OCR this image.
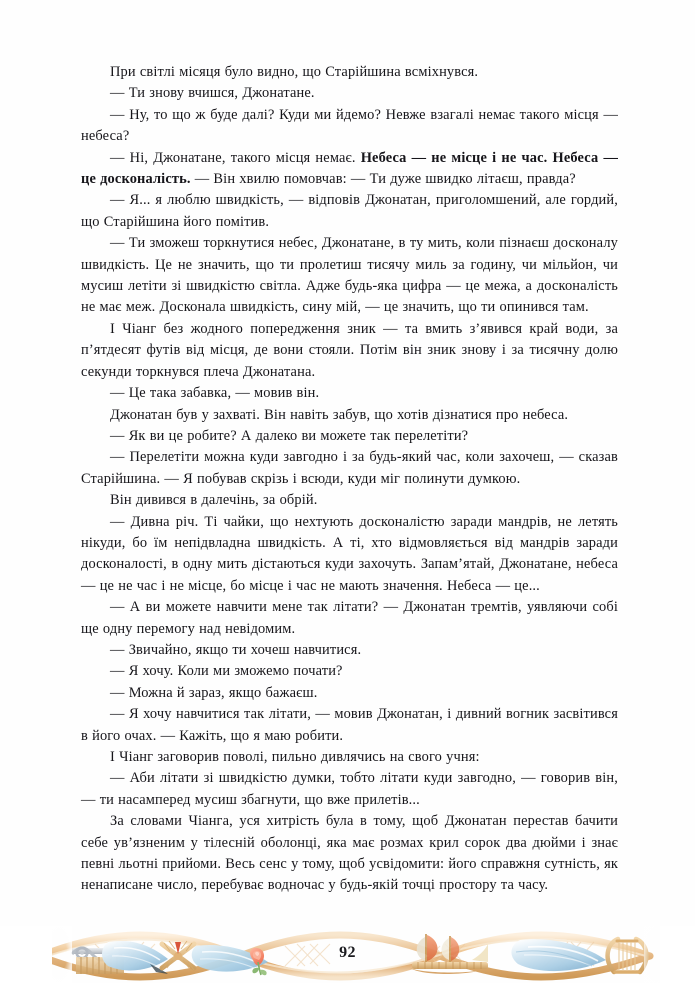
При світлі місяця було видно, що Старійшина всміхнувся.

— Ти знову вчишся, Джонатане.

— Ну, то що ж буде далі? Куди ми йдемо? Невже взагалі немає такого місця — небеса?

— Ні, Джонатане, такого місця немає. Небеса — не місце і не час. Небеса — це досконалість. — Він хвилю помовчав: — Ти дуже швидко літаєш, правда?

— Я... я люблю швидкість, — відповів Джонатан, приголомшений, але гордий, що Старійшина його помітив.

— Ти зможеш торкнутися небес, Джонатане, в ту мить, коли пізнаєш досконалу швидкість. Це не значить, що ти пролетиш тисячу миль за годину, чи мільйон, чи мусиш летіти зі швидкістю світла. Адже будь-яка цифра — це межа, а досконалість не має меж. Досконала швидкість, сину мій, — це значить, що ти опинився там.

І Чіанг без жодного попередження зник — та вмить з’явився край води, за п’ятдесят футів від місця, де вони стояли. Потім він зник знову і за тисячну долю секунди торкнувся плеча Джонатана.

— Це така забавка, — мовив він.

Джонатан був у захваті. Він навіть забув, що хотів дізнатися про небеса.

— Як ви це робите? А далеко ви можете так перелетіти?

— Перелетіти можна куди завгодно і за будь-який час, коли захочеш, — сказав Старійшина. — Я побував скрізь і всюди, куди міг полинути думкою.

Він дивився в далечінь, за обрій.

— Дивна річ. Ті чайки, що нехтують досконалістю заради мандрів, не летять нікуди, бо їм непідвладна швидкість. А ті, хто відмовляється від мандрів заради досконалості, в одну мить дістаються куди захочуть. Запам’ятай, Джонатане, небеса — це не час і не місце, бо місце і час не мають значення. Небеса — це...

— А ви можете навчити мене так літати? — Джонатан тремтів, уявляючи собі ще одну перемогу над невідомим.

— Звичайно, якщо ти хочеш навчитися.

— Я хочу. Коли ми зможемо почати?

— Можна й зараз, якщо бажаєш.

— Я хочу навчитися так літати, — мовив Джонатан, і дивний вогник засвітився в його очах. — Кажіть, що я маю робити.

І Чіанг заговорив поволі, пильно дивлячись на свого учня:

— Аби літати зі швидкістю думки, тобто літати куди завгодно, — говорив він, — ти насамперед мусиш збагнути, що вже прилетів...

За словами Чіанга, уся хитрість була в тому, щоб Джонатан перестав бачити себе ув’язненим у тілесній оболонці, яка має розмах крил сорок два дюйми і знає певні льотні прийоми. Весь сенс у тому, щоб усвідомити: його справжня сутність, як ненаписане число, перебуває водночас у будь-якій точці простору та часу.

92
